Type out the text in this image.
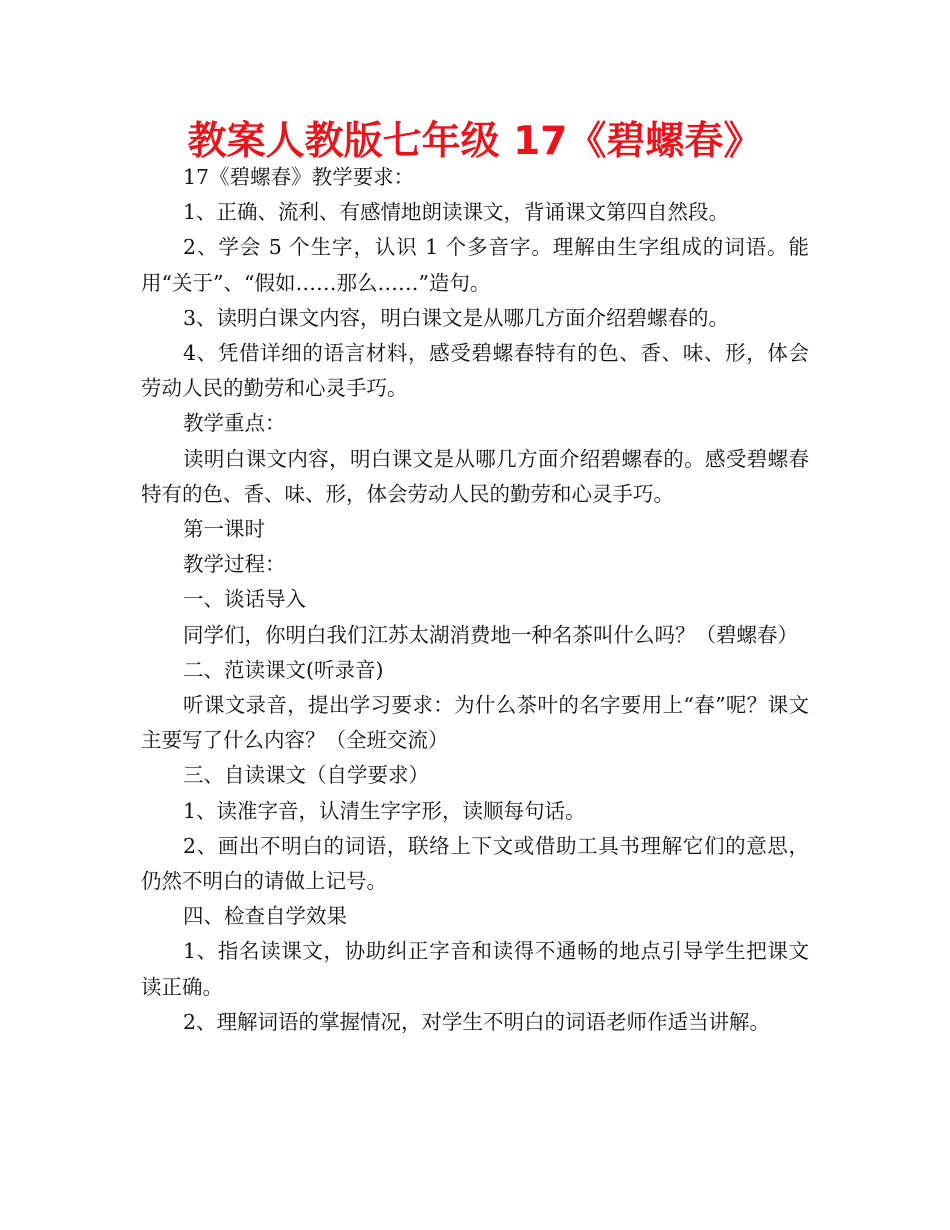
教案人教版七年级 17《碧螺春》

17《碧螺春》教学要求：

1、正确、流利、有感情地朗读课文，背诵课文第四自然段。

2、学会 5 个生字，认识 1 个多音字。理解由生字组成的词语。能用“关于”、“假如……那么……”造句。

3、读明白课文内容，明白课文是从哪几方面介绍碧螺春的。

4、凭借详细的语言材料，感受碧螺春特有的色、香、味、形，体会劳动人民的勤劳和心灵手巧。

教学重点：

读明白课文内容，明白课文是从哪几方面介绍碧螺春的。感受碧螺春特有的色、香、味、形，体会劳动人民的勤劳和心灵手巧。

第一课时

教学过程：

一、谈话导入

同学们，你明白我们江苏太湖消费地一种名茶叫什么吗？（碧螺春）

二、范读课文(听录音)

听课文录音，提出学习要求：为什么茶叶的名字要用上“春”呢？课文主要写了什么内容？（全班交流）

三、自读课文（自学要求）

1、读准字音，认清生字字形，读顺每句话。

2、画出不明白的词语，联络上下文或借助工具书理解它们的意思，仍然不明白的请做上记号。

四、检查自学效果

1、指名读课文，协助纠正字音和读得不通畅的地点引导学生把课文读正确。

2、理解词语的掌握情况，对学生不明白的词语老师作适当讲解。
